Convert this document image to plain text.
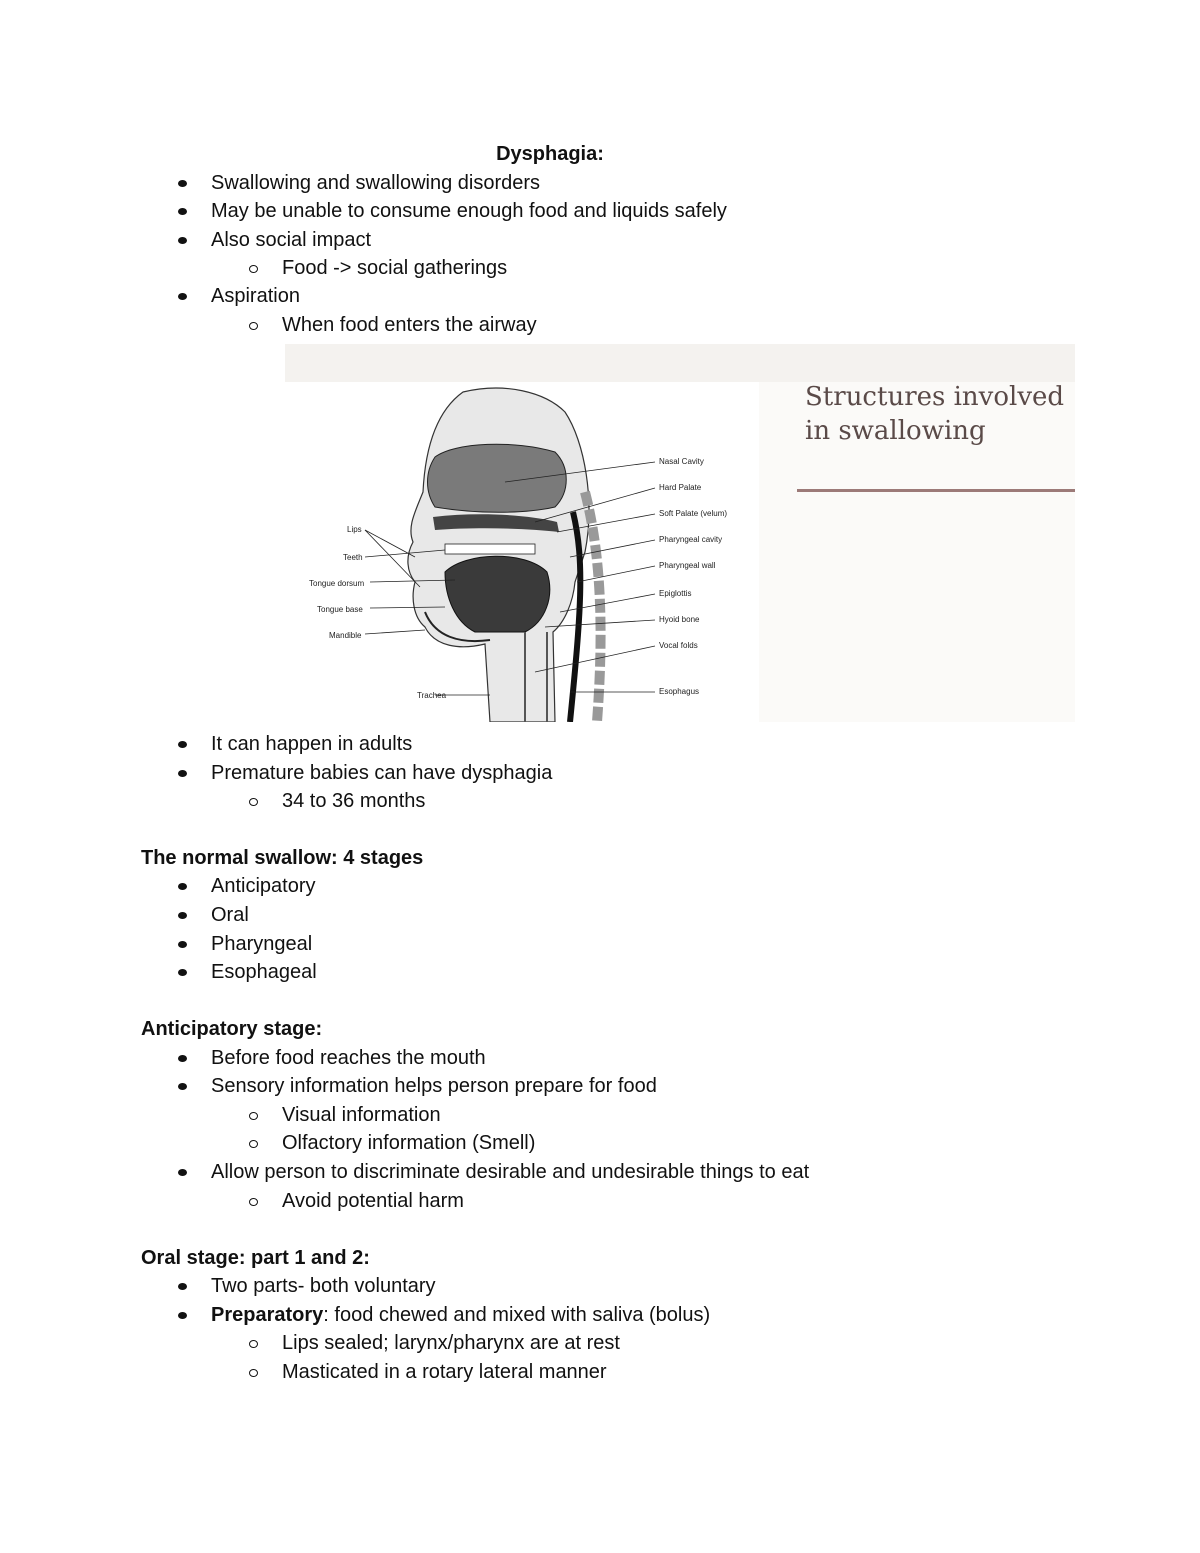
Dysphagia:
Swallowing and swallowing disorders
May be unable to consume enough food and liquids safely
Also social impact
Food -> social gatherings
Aspiration
When food enters the airway
Lips
Teeth
Tongue dorsum
Tongue base
Mandible
Trachea
Nasal Cavity
Hard Palate
Soft Palate (velum)
Pharyngeal cavity
Pharyngeal wall
Epiglottis
Hyoid bone
Vocal folds
Esophagus
Structures involved in swallowing
It can happen in adults
Premature babies can have dysphagia
34 to 36 months
The normal swallow: 4 stages
Anticipatory
Oral
Pharyngeal
Esophageal
Anticipatory stage:
Before food reaches the mouth
Sensory information helps person prepare for food
Visual information
Olfactory information (Smell)
Allow person to discriminate desirable and undesirable things to eat
Avoid potential harm
Oral stage: part 1 and 2:
Two parts- both voluntary
Preparatory: food chewed and mixed with saliva (bolus)
Lips sealed; larynx/pharynx are at rest
Masticated in a rotary lateral manner
